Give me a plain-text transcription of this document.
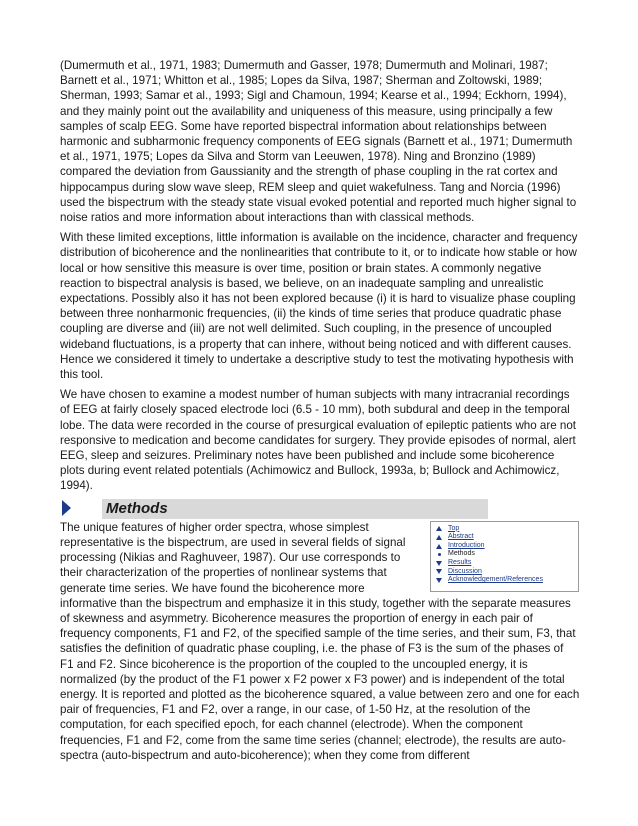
(Dumermuth et al., 1971, 1983; Dumermuth and Gasser, 1978; Dumermuth and Molinari, 1987; Barnett et al., 1971; Whitton et al., 1985; Lopes da Silva, 1987; Sherman and Zoltowski, 1989; Sherman, 1993; Samar et al., 1993; Sigl and Chamoun, 1994; Kearse et al., 1994; Eckhorn, 1994), and they mainly point out the availability and uniqueness of this measure, using principally a few samples of scalp EEG. Some have reported bispectral information about relationships between harmonic and subharmonic frequency components of EEG signals (Barnett et al., 1971; Dumermuth et al., 1971, 1975; Lopes da Silva and Storm van Leeuwen, 1978). Ning and Bronzino (1989) compared the deviation from Gaussianity and the strength of phase coupling in the rat cortex and hippocampus during slow wave sleep, REM sleep and quiet wakefulness. Tang and Norcia (1996) used the bispectrum with the steady state visual evoked potential and reported much higher signal to noise ratios and more information about interactions than with classical methods.

With these limited exceptions, little information is available on the incidence, character and frequency distribution of bicoherence and the nonlinearities that contribute to it, or to indicate how stable or how local or how sensitive this measure is over time, position or brain states. A commonly negative reaction to bispectral analysis is based, we believe, on an inadequate sampling and unrealistic expectations. Possibly also it has not been explored because (i) it is hard to visualize phase coupling between three nonharmonic frequencies, (ii) the kinds of time series that produce quadratic phase coupling are diverse and (iii) are not well delimited. Such coupling, in the presence of uncoupled wideband fluctuations, is a property that can inhere, without being noticed and with different causes. Hence we considered it timely to undertake a descriptive study to test the motivating hypothesis with this tool.

We have chosen to examine a modest number of human subjects with many intracranial recordings of EEG at fairly closely spaced electrode loci (6.5 - 10 mm), both subdural and deep in the temporal lobe. The data were recorded in the course of presurgical evaluation of epileptic patients who are not responsive to medication and become candidates for surgery. They provide episodes of normal, alert EEG, sleep and seizures. Preliminary notes have been published and include some bicoherence plots during event related potentials (Achimowicz and Bullock, 1993a, b; Bullock and Achimowicz, 1994).

Methods
Top
Abstract
Introduction
Methods
Results
Discussion
Acknowledgement/References

The unique features of higher order spectra, whose simplest representative is the bispectrum, are used in several fields of signal processing (Nikias and Raghuveer, 1987). Our use corresponds to their characterization of the properties of nonlinear systems that generate time series. We have found the bicoherence more informative than the bispectrum and emphasize it in this study, together with the separate measures of skewness and asymmetry. Bicoherence measures the proportion of energy in each pair of frequency components, F1 and F2, of the specified sample of the time series, and their sum, F3, that satisfies the definition of quadratic phase coupling, i.e. the phase of F3 is the sum of the phases of F1 and F2. Since bicoherence is the proportion of the coupled to the uncoupled energy, it is normalized (by the product of the F1 power x F2 power x F3 power) and is independent of the total energy. It is reported and plotted as the bicoherence squared, a value between zero and one for each pair of frequencies, F1 and F2, over a range, in our case, of 1-50 Hz, at the resolution of the computation, for each specified epoch, for each channel (electrode). When the component frequencies, F1 and F2, come from the same time series (channel; electrode), the results are auto-spectra (auto-bispectrum and auto-bicoherence); when they come from different
